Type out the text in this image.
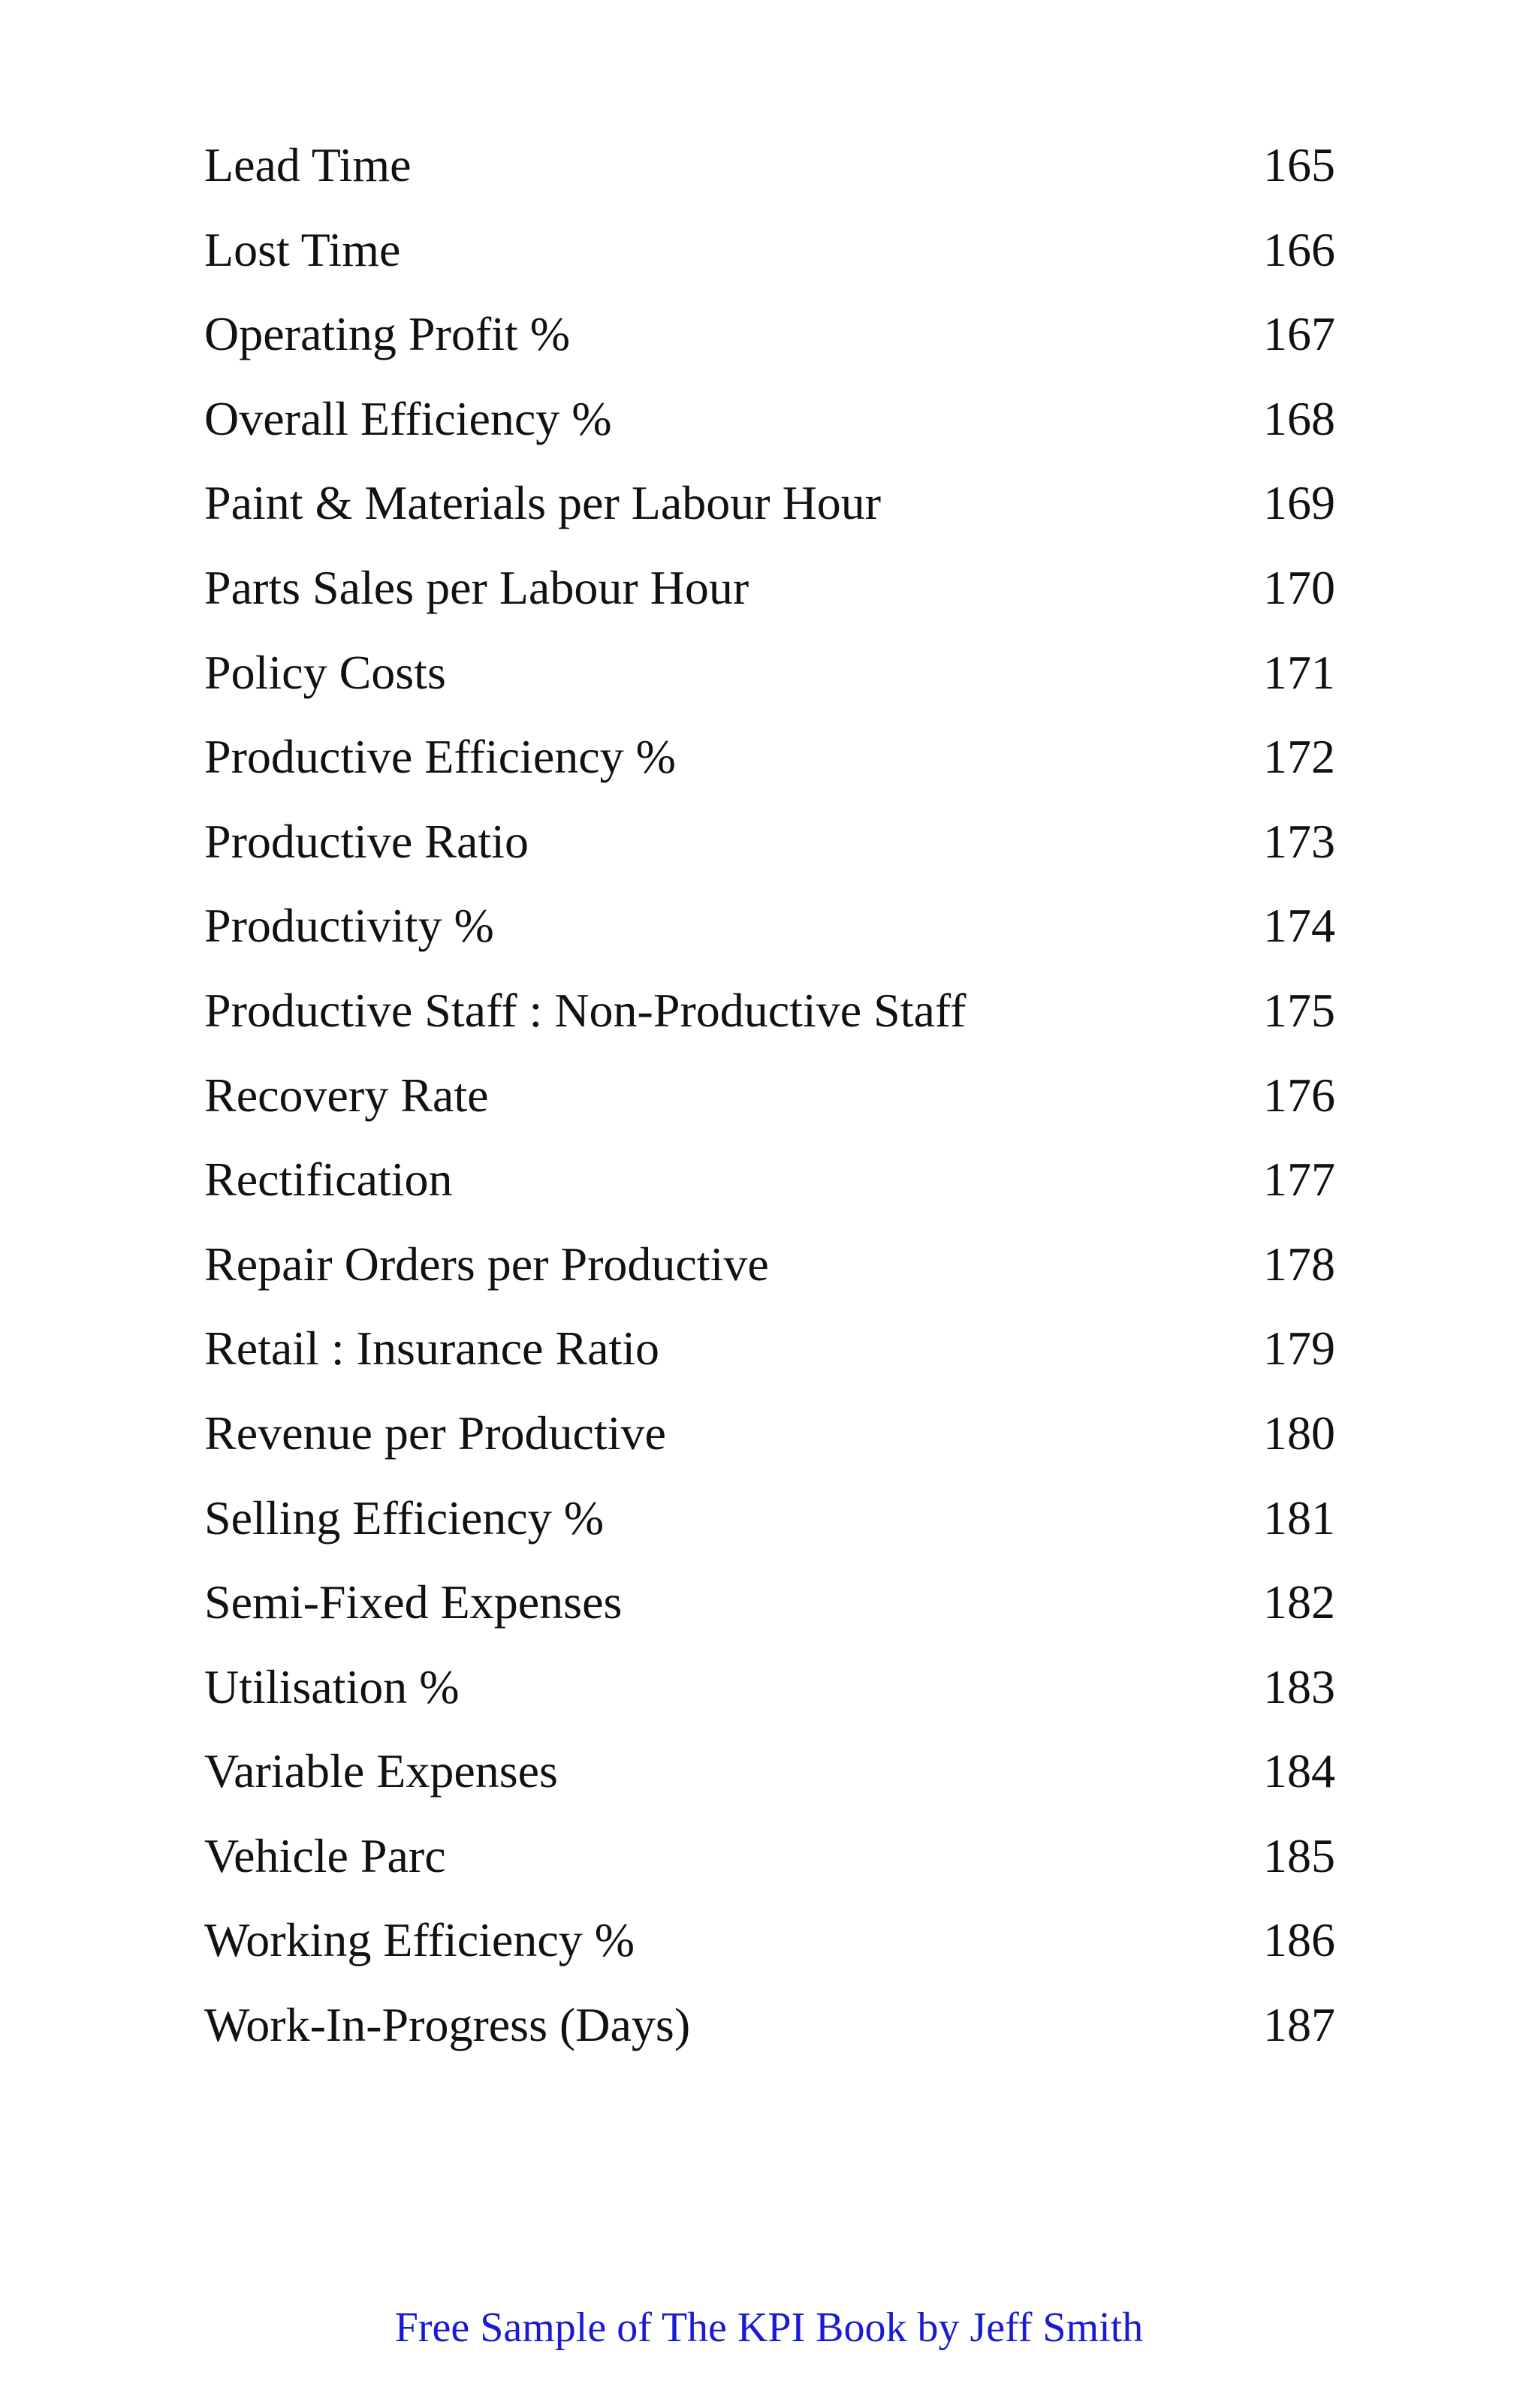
Lead Time	165
Lost Time	166
Operating Profit %	167
Overall Efficiency %	168
Paint & Materials per Labour Hour	169
Parts Sales per Labour Hour	170
Policy Costs	171
Productive Efficiency %	172
Productive Ratio	173
Productivity %	174
Productive Staff : Non-Productive Staff	175
Recovery Rate	176
Rectification	177
Repair Orders per Productive	178
Retail : Insurance Ratio	179
Revenue per Productive	180
Selling Efficiency %	181
Semi-Fixed Expenses	182
Utilisation %	183
Variable Expenses	184
Vehicle Parc	185
Working Efficiency %	186
Work-In-Progress (Days)	187
Free Sample of The KPI Book by Jeff Smith
